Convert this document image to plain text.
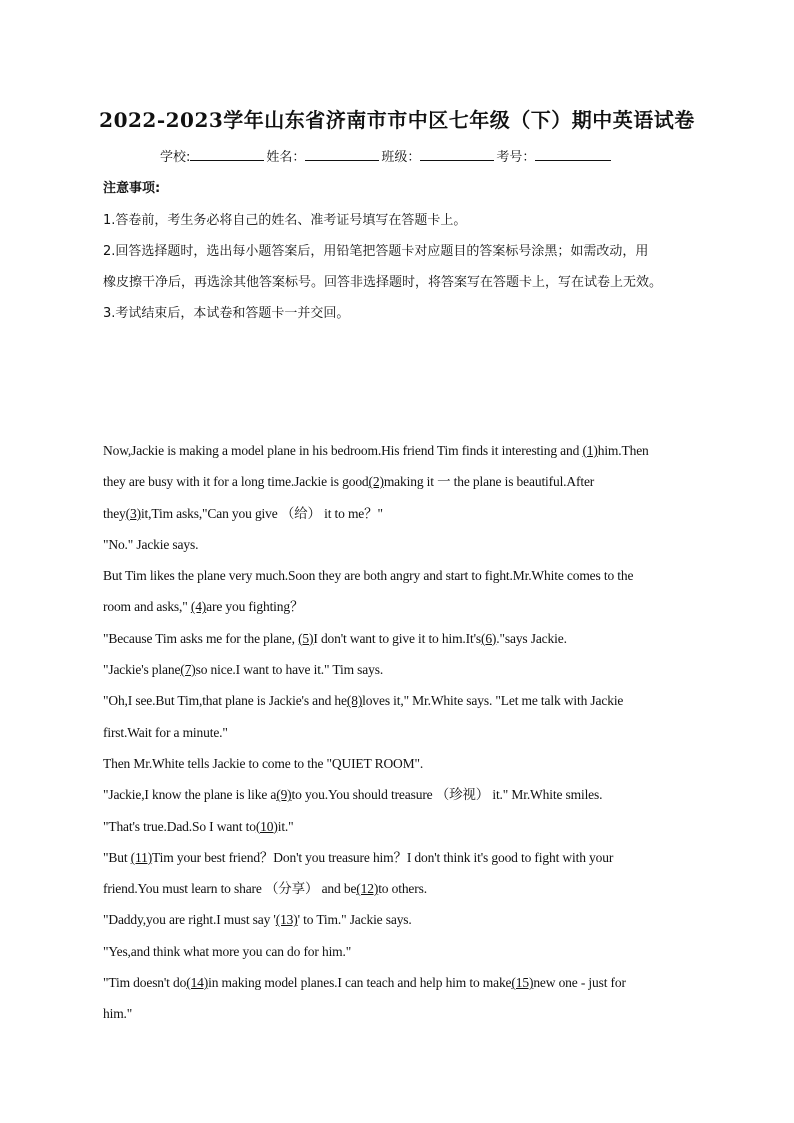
2022-2023学年山东省济南市市中区七年级（下）期中英语试卷
学校:	姓名：	班级：	考号：
注意事项:
1.答卷前，考生务必将自己的姓名、准考证号填写在答题卡上。
2.回答选择题时，选出每小题答案后，用铅笔把答题卡对应题目的答案标号涂黑；如需改动，用
橡皮擦干净后，再选涂其他答案标号。回答非选择题时，将答案写在答题卡上，写在试卷上无效。
3.考试结束后，本试卷和答题卡一并交回。
Now,Jackie is making a model plane in his bedroom.His friend Tim finds it interesting and (1)him.Then
they are busy with it for a long time.Jackie is good(2)making it 一 the plane is beautiful.After
they(3)it,Tim asks,"Can you give （给） it to me？"
"No." Jackie says.
But Tim likes the plane very much.Soon they are both angry and start to fight.Mr.White comes to the
room and asks," (4)are you fighting？
"Because Tim asks me for the plane, (5)I don't want to give it to him.It's(6)."says Jackie.
"Jackie's plane(7)so nice.I want to have it." Tim says.
"Oh,I see.But Tim,that plane is Jackie's and he(8)loves it," Mr.White says. "Let me talk with Jackie
first.Wait for a minute."
Then Mr.White tells Jackie to come to the "QUIET ROOM".
"Jackie,I know the plane is like a(9)to you.You should treasure （珍视） it." Mr.White smiles.
"That's true.Dad.So I want to(10)it."
"But (11)Tim your best friend？Don't you treasure him？I don't think it's good to fight with your
friend.You must learn to share （分享） and be(12)to others.
"Daddy,you are right.I must say '(13)' to Tim." Jackie says.
"Yes,and think what more you can do for him."
"Tim doesn't do(14)in making model planes.I can teach and help him to make(15)new one - just for
him."
